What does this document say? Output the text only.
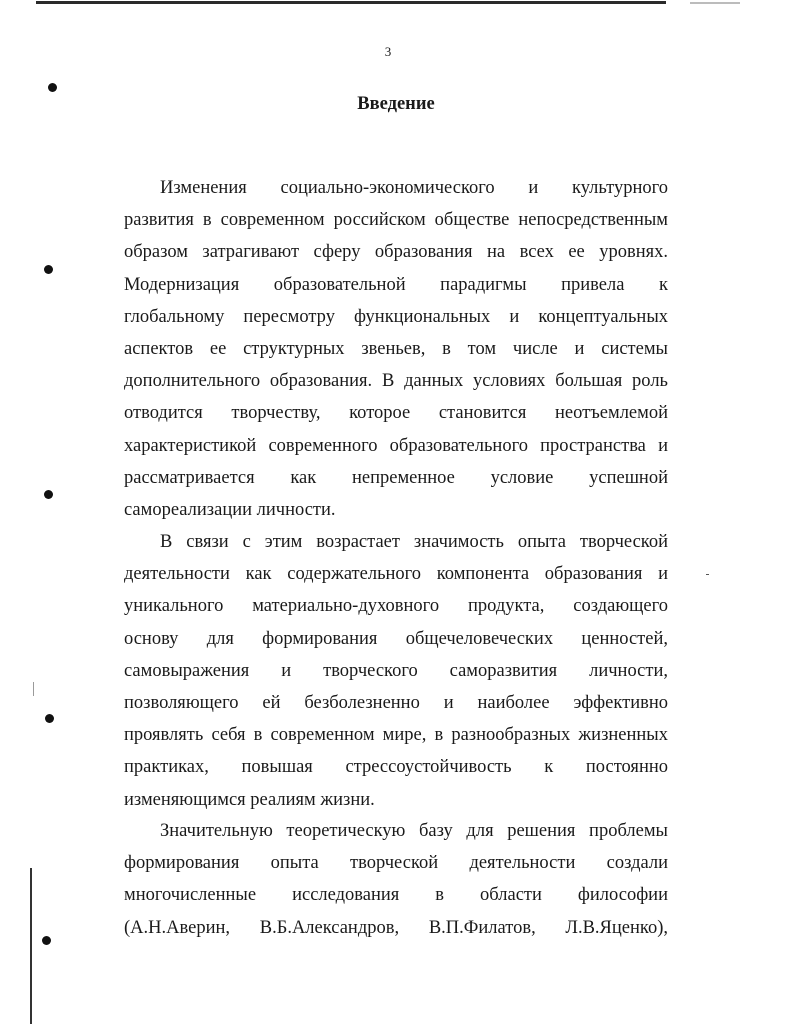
3
Введение
Изменения социально-экономического и культурного
развития в современном российском обществе непосредственным
образом затрагивают сферу образования на всех ее уровнях.
Модернизация образовательной парадигмы привела к
глобальному пересмотру функциональных и концептуальных
аспектов ее структурных звеньев, в том числе и системы
дополнительного образования. В данных условиях большая роль
отводится творчеству, которое становится неотъемлемой
характеристикой современного образовательного пространства и
рассматривается как непременное условие успешной
самореализации личности.
В связи с этим возрастает значимость опыта творческой
деятельности как содержательного компонента образования и
уникального материально-духовного продукта, создающего
основу для формирования общечеловеческих ценностей,
самовыражения и творческого саморазвития личности,
позволяющего ей безболезненно и наиболее эффективно
проявлять себя в современном мире, в разнообразных жизненных
практиках, повышая стрессоустойчивость к постоянно
изменяющимся реалиям жизни.
Значительную теоретическую базу для решения проблемы
формирования опыта творческой деятельности создали
многочисленные исследования в области философии
(А.Н.Аверин, В.Б.Александров, В.П.Филатов, Л.В.Яценко),
